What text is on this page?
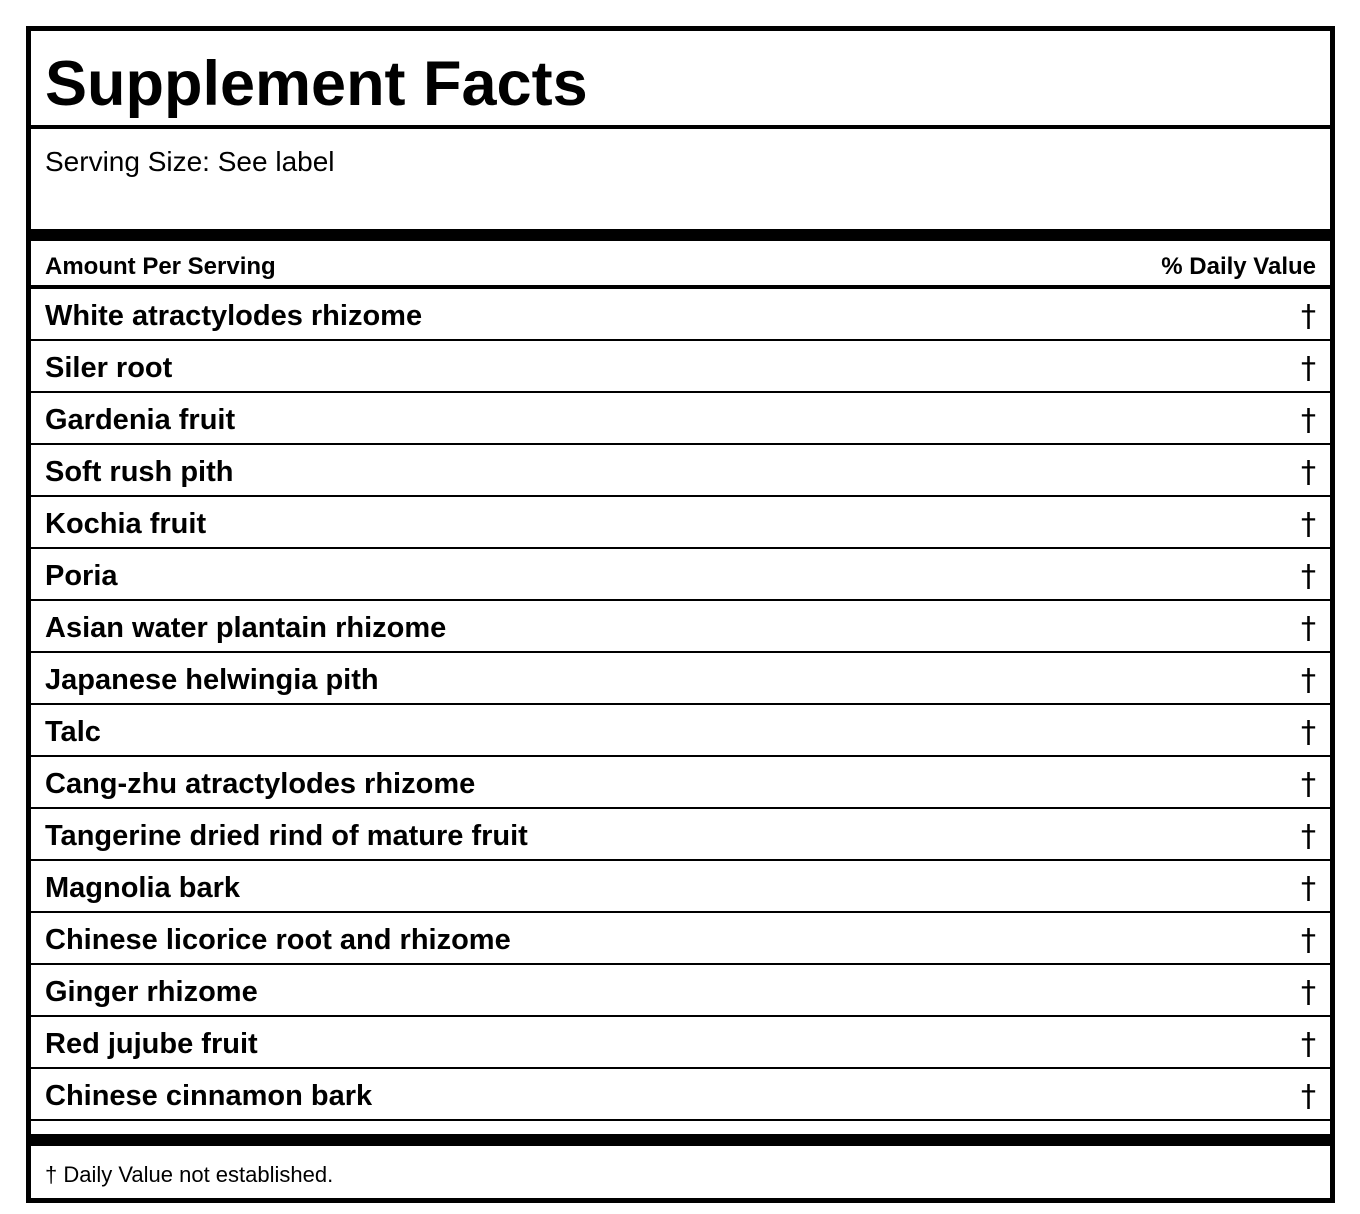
Supplement Facts
Serving Size: See label
Amount Per Serving	% Daily Value
White atractylodes rhizome	†
Siler root	†
Gardenia fruit	†
Soft rush pith	†
Kochia fruit	†
Poria	†
Asian water plantain rhizome	†
Japanese helwingia pith	†
Talc	†
Cang-zhu atractylodes rhizome	†
Tangerine dried rind of mature fruit	†
Magnolia bark	†
Chinese licorice root and rhizome	†
Ginger rhizome	†
Red jujube fruit	†
Chinese cinnamon bark	†
† Daily Value not established.
